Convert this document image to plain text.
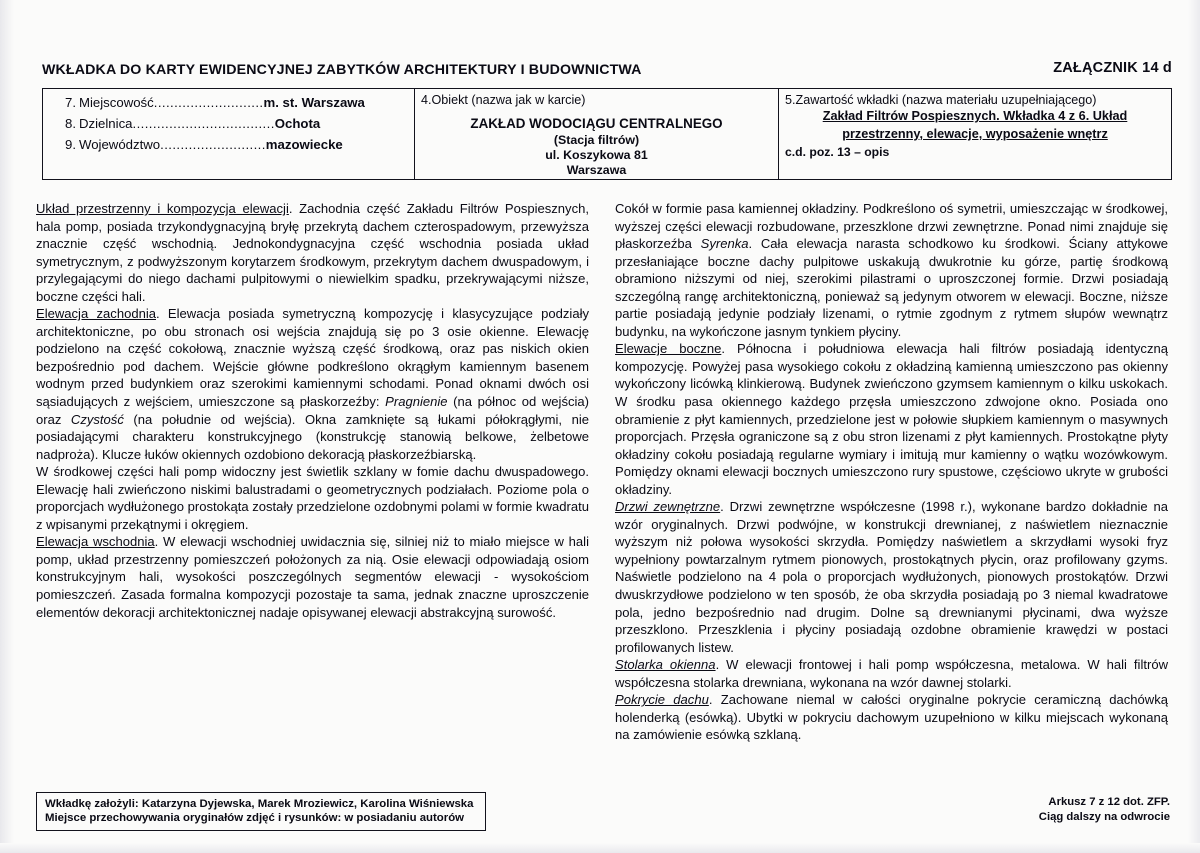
WKŁADKA DO KARTY EWIDENCYJNEJ ZABYTKÓW ARCHITEKTURY I BUDOWNICTWA	ZAŁĄCZNIK 14 d
7. Miejscowość ........................... m. st. Warszawa
8. Dzielnica ................................... Ochota
9. Województwo .......................... mazowiecke
4.Obiekt (nazwa jak w karcie)
ZAKŁAD WODOCIĄGU CENTRALNEGO
(Stacja filtrów)
ul. Koszykowa 81
Warszawa
5.Zawartość wkładki (nazwa materiału uzupełniającego)
Zakład Filtrów Pospiesznych. Wkładka 4 z 6. Układ
przestrzenny, elewacje, wyposażenie wnętrz
c.d. poz. 13 – opis

Układ przestrzenny i kompozycja elewacji. Zachodnia część Zakładu Filtrów Pospiesznych, hala pomp, posiada trzykondygnacyjną bryłę przekrytą dachem czterospadowym, przewyższa znacznie część wschodnią. Jednokondygnacyjna część wschodnia posiada układ symetrycznym, z podwyższonym korytarzem środkowym, przekrytym dachem dwuspadowym, i przylegającymi do niego dachami pulpitowymi o niewielkim spadku, przekrywającymi niższe, boczne części hali.

Elewacja zachodnia. Elewacja posiada symetryczną kompozycję i klasycyzujące podziały architektoniczne, po obu stronach osi wejścia znajdują się po 3 osie okienne. Elewację podzielono na część cokołową, znacznie wyższą część środkową, oraz pas niskich okien bezpośrednio pod dachem. Wejście główne podkreślono okrągłym kamiennym basenem wodnym przed budynkiem oraz szerokimi kamiennymi schodami. Ponad oknami dwóch osi sąsiadujących z wejściem, umieszczone są płaskorzeźby: Pragnienie (na północ od wejścia) oraz Czystość (na południe od wejścia). Okna zamknięte są łukami półokrągłymi, nie posiadającymi charakteru konstrukcyjnego (konstrukcję stanowią belkowe, żelbetowe nadproża). Klucze łuków okiennych ozdobiono dekoracją płaskorzeźbiarską.

W środkowej części hali pomp widoczny jest świetlik szklany w fomie dachu dwuspadowego. Elewację hali zwieńczono niskimi balustradami o geometrycznych podziałach. Poziome pola o proporcjach wydłużonego prostokąta zostały przedzielone ozdobnymi polami w formie kwadratu z wpisanymi przekątnymi i okręgiem.

Elewacja wschodnia. W elewacji wschodniej uwidacznia się, silniej niż to miało miejsce w hali pomp, układ przestrzenny pomieszczeń położonych za nią. Osie elewacji odpowiadają osiom konstrukcyjnym hali, wysokości poszczególnych segmentów elewacji - wysokościom pomieszczeń. Zasada formalna kompozycji pozostaje ta sama, jednak znaczne uproszczenie elementów dekoracji architektonicznej nadaje opisywanej elewacji abstrakcyjną surowość.

Cokół w formie pasa kamiennej okładziny. Podkreślono oś symetrii, umieszczając w środkowej, wyższej części elewacji rozbudowane, przeszklone drzwi zewnętrzne. Ponad nimi znajduje się płaskorzeźba Syrenka. Cała elewacja narasta schodkowo ku środkowi. Ściany attykowe przesłaniające boczne dachy pulpitowe uskakują dwukrotnie ku górze, partię środkową obramiono niższymi od niej, szerokimi pilastrami o uproszczonej formie. Drzwi posiadają szczególną rangę architektoniczną, ponieważ są jedynym otworem w elewacji. Boczne, niższe partie posiadają jedynie podziały lizenami, o rytmie zgodnym z rytmem słupów wewnątrz budynku, na wykończone jasnym tynkiem płyciny.

Elewacje boczne. Północna i południowa elewacja hali filtrów posiadają identyczną kompozycję. Powyżej pasa wysokiego cokołu z okładziną kamienną umieszczono pas okienny wykończony licówką klinkierową. Budynek zwieńczono gzymsem kamiennym o kilku uskokach. W środku pasa okiennego każdego przęsła umieszczono zdwojone okno. Posiada ono obramienie z płyt kamiennych, przedzielone jest w połowie słupkiem kamiennym o masywnych proporcjach. Przęsła ograniczone są z obu stron lizenami z płyt kamiennych. Prostokątne płyty okładziny cokołu posiadają regularne wymiary i imitują mur kamienny o wątku wozówkowym. Pomiędzy oknami elewacji bocznych umieszczono rury spustowe, częściowo ukryte w grubości okładziny.

Drzwi zewnętrzne. Drzwi zewnętrzne współczesne (1998 r.), wykonane bardzo dokładnie na wzór oryginalnych. Drzwi podwójne, w konstrukcji drewnianej, z naświetlem nieznacznie wyższym niż połowa wysokości skrzydła. Pomiędzy naświetlem a skrzydłami wysoki fryz wypełniony powtarzalnym rytmem pionowych, prostokątnych płycin, oraz profilowany gzyms. Naświetle podzielono na 4 pola o proporcjach wydłużonych, pionowych prostokątów. Drzwi dwuskrzydłowe podzielono w ten sposób, że oba skrzydła posiadają po 3 niemal kwadratowe pola, jedno bezpośrednio nad drugim. Dolne są drewnianymi płycinami, dwa wyższe przeszklono. Przeszklenia i płyciny posiadają ozdobne obramienie krawędzi w postaci profilowanych listew.

Stolarka okienna. W elewacji frontowej i hali pomp współczesna, metalowa. W hali filtrów współczesna stolarka drewniana, wykonana na wzór dawnej stolarki.

Pokrycie dachu. Zachowane niemal w całości oryginalne pokrycie ceramiczną dachówką holenderką (esówką). Ubytki w pokryciu dachowym uzupełniono w kilku miejscach wykonaną na zamówienie esówką szklaną.

Wkładkę założyli: Katarzyna Dyjewska, Marek Mroziewicz, Karolina Wiśniewska
Miejsce przechowywania oryginałów zdjęć i rysunków: w posiadaniu autorów
Arkusz 7 z 12 dot. ZFP.
Ciąg dalszy na odwrocie
